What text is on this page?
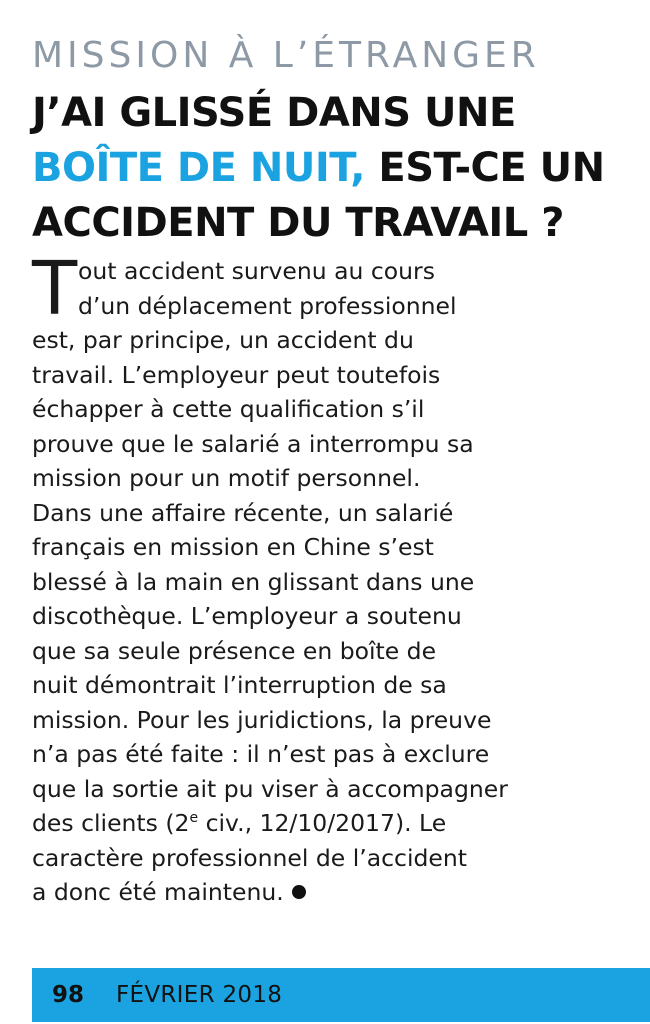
MISSION À L’ÉTRANGER
J’AI GLISSÉ DANS UNE
BOÎTE DE NUIT, EST-CE UN
ACCIDENT DU TRAVAIL ?
T out accident survenu au cours
d’un déplacement professionnel
est, par principe, un accident du
travail. L’employeur peut toutefois
échapper à cette qualification s’il
prouve que le salarié a interrompu sa
mission pour un motif personnel.
Dans une affaire récente, un salarié
français en mission en Chine s’est
blessé à la main en glissant dans une
discothèque. L’employeur a soutenu
que sa seule présence en boîte de
nuit démontrait l’interruption de sa
mission. Pour les juridictions, la preuve
n’a pas été faite : il n’est pas à exclure
que la sortie ait pu viser à accompagner
des clients (2e civ., 12/10/2017). Le
caractère professionnel de l’accident
a donc été maintenu.
98 FÉVRIER 2018
